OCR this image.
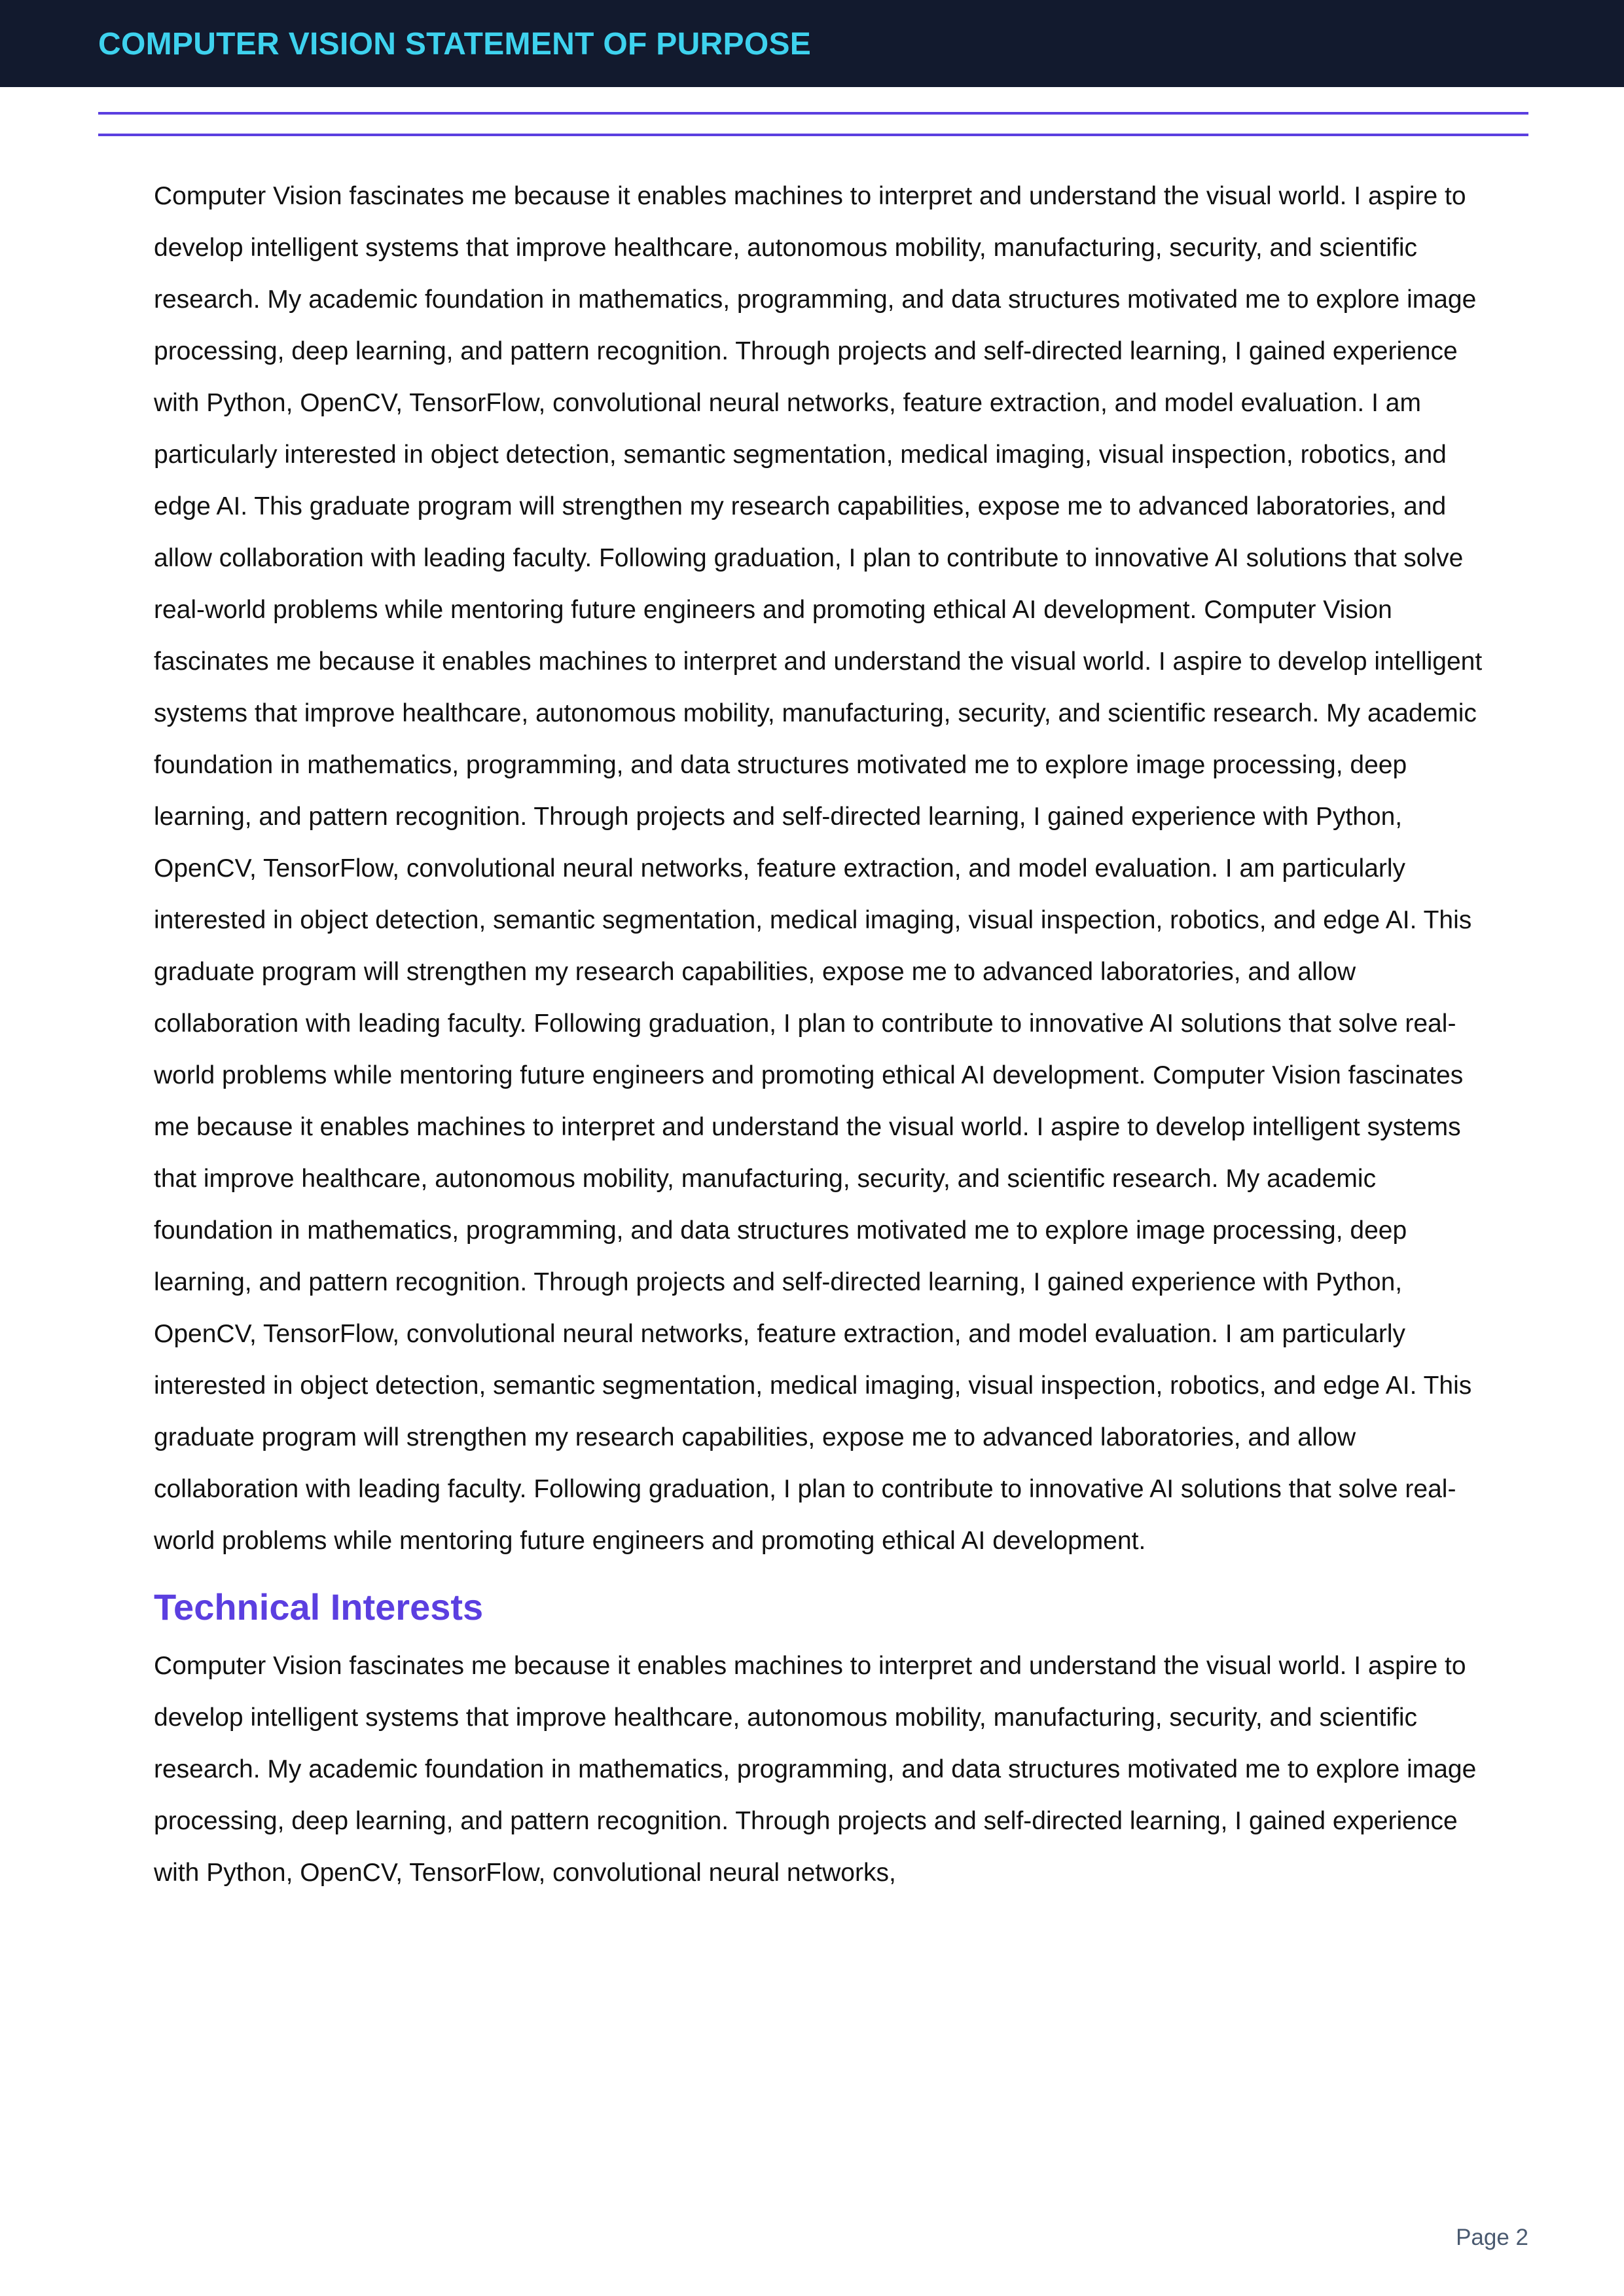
COMPUTER VISION STATEMENT OF PURPOSE

Computer Vision fascinates me because it enables machines to interpret and understand the visual world. I aspire to develop intelligent systems that improve healthcare, autonomous mobility, manufacturing, security, and scientific research. My academic foundation in mathematics, programming, and data structures motivated me to explore image processing, deep learning, and pattern recognition. Through projects and self-directed learning, I gained experience with Python, OpenCV, TensorFlow, convolutional neural networks, feature extraction, and model evaluation. I am particularly interested in object detection, semantic segmentation, medical imaging, visual inspection, robotics, and edge AI. This graduate program will strengthen my research capabilities, expose me to advanced laboratories, and allow collaboration with leading faculty. Following graduation, I plan to contribute to innovative AI solutions that solve real-world problems while mentoring future engineers and promoting ethical AI development. Computer Vision fascinates me because it enables machines to interpret and understand the visual world. I aspire to develop intelligent systems that improve healthcare, autonomous mobility, manufacturing, security, and scientific research. My academic foundation in mathematics, programming, and data structures motivated me to explore image processing, deep learning, and pattern recognition. Through projects and self-directed learning, I gained experience with Python, OpenCV, TensorFlow, convolutional neural networks, feature extraction, and model evaluation. I am particularly interested in object detection, semantic segmentation, medical imaging, visual inspection, robotics, and edge AI. This graduate program will strengthen my research capabilities, expose me to advanced laboratories, and allow collaboration with leading faculty. Following graduation, I plan to contribute to innovative AI solutions that solve real-world problems while mentoring future engineers and promoting ethical AI development. Computer Vision fascinates me because it enables machines to interpret and understand the visual world. I aspire to develop intelligent systems that improve healthcare, autonomous mobility, manufacturing, security, and scientific research. My academic foundation in mathematics, programming, and data structures motivated me to explore image processing, deep learning, and pattern recognition. Through projects and self-directed learning, I gained experience with Python, OpenCV, TensorFlow, convolutional neural networks, feature extraction, and model evaluation. I am particularly interested in object detection, semantic segmentation, medical imaging, visual inspection, robotics, and edge AI. This graduate program will strengthen my research capabilities, expose me to advanced laboratories, and allow collaboration with leading faculty. Following graduation, I plan to contribute to innovative AI solutions that solve real-world problems while mentoring future engineers and promoting ethical AI development.

Technical Interests

Computer Vision fascinates me because it enables machines to interpret and understand the visual world. I aspire to develop intelligent systems that improve healthcare, autonomous mobility, manufacturing, security, and scientific research. My academic foundation in mathematics, programming, and data structures motivated me to explore image processing, deep learning, and pattern recognition. Through projects and self-directed learning, I gained experience with Python, OpenCV, TensorFlow, convolutional neural networks,

Page 2
